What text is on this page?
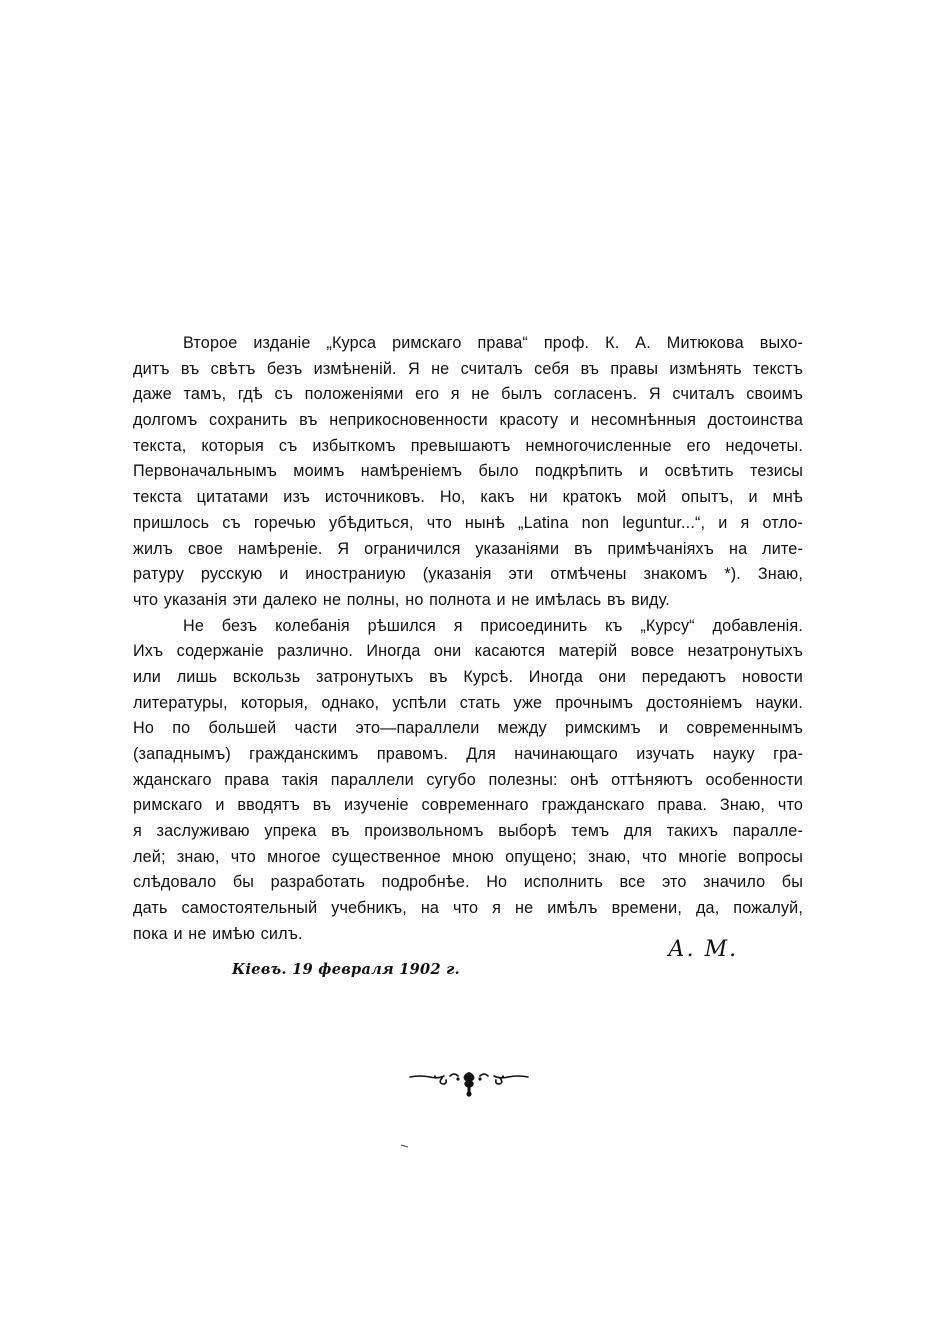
Второе изданіе „Курса римскаго права“ проф. К. А. Митюкова выхо-
дитъ въ свѣтъ безъ измѣненій. Я не считалъ себя въ правы измѣнять текстъ
даже тамъ, гдѣ съ положеніями его я не былъ согласенъ. Я считалъ своимъ
долгомъ сохранить въ неприкосновенности красоту и несомнѣнныя достоинства
текста, которыя съ избыткомъ превышаютъ немногочисленные его недочеты.
Первоначальнымъ моимъ намѣреніемъ было подкрѣпить и освѣтить тезисы
текста цитатами изъ источниковъ. Но, какъ ни кратокъ мой опытъ, и мнѣ
пришлось съ горечью убѣдиться, что нынѣ „Latina non leguntur...“, и я отло-
жилъ свое намѣреніе. Я ограничился указаніями въ примѣчаніяхъ на лите-
ратуру русскую и иностраниую (указанія эти отмѣчены знакомъ *). Знаю,
что указанія эти далеко не полны, но полнота и не имѣлась въ виду.
Не безъ колебанія рѣшился я присоединить къ „Курсу“ добавленія.
Ихъ содержаніе различно. Иногда они касаются матерій вовсе незатронутыхъ
или лишь вскользь затронутыхъ въ Курсѣ. Иногда они передаютъ новости
литературы, которыя, однако, успѣли стать уже прочнымъ достояніемъ науки.
Но по большей части это—параллели между римскимъ и современнымъ
(западнымъ) гражданскимъ правомъ. Для начинающаго изучать науку гра-
жданскаго права такія параллели сугубо полезны: онѣ оттѣняютъ особенности
римскаго и вводятъ въ изученіе современнаго гражданскаго права. Знаю, что
я заслуживаю упрека въ произвольномъ выборѣ темъ для такихъ паралле-
лей; знаю, что многое существенное мною опущено; знаю, что многіе вопросы
слѣдовало бы разработать подробнѣе. Но исполнить все это значило бы
дать самостоятельный учебникъ, на что я не имѣлъ времени, да, пожалуй,
пока и не имѣю силъ.
А. М.
Кіевъ. 19 февраля 1902 г.
